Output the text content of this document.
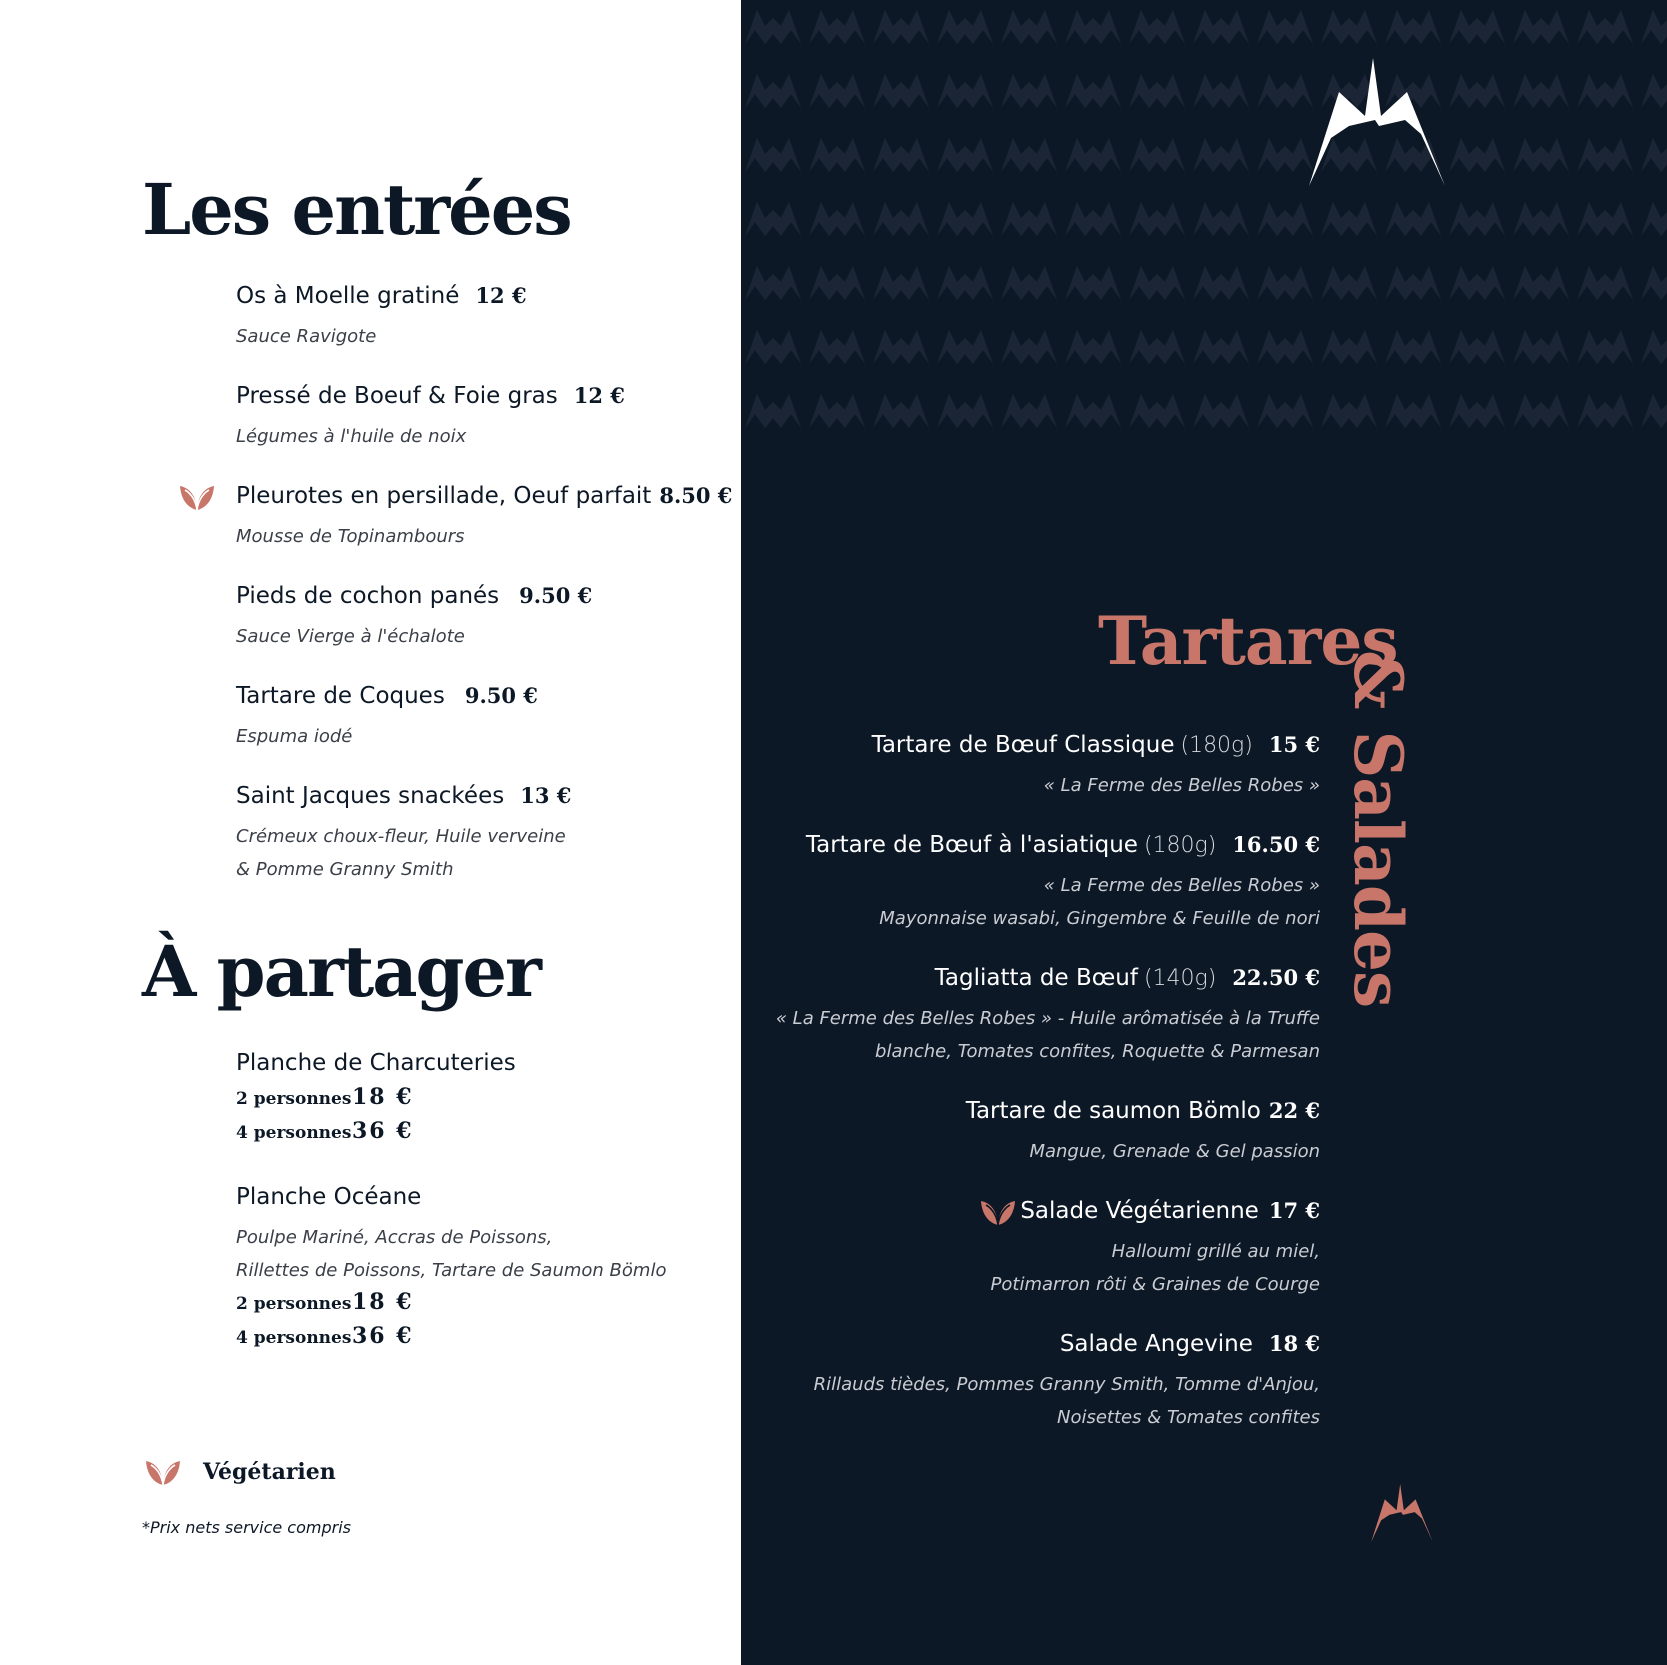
Les entrées
Os à Moelle gratiné 12 €
Sauce Ravigote
Pressé de Boeuf & Foie gras 12 €
Légumes à l'huile de noix
Pleurotes en persillade, Oeuf parfait 8.50 €
Mousse de Topinambours
Pieds de cochon panés 9.50 €
Sauce Vierge à l'échalote
Tartare de Coques 9.50 €
Espuma iodé
Saint Jacques snackées 13 €
Crémeux choux-fleur, Huile verveine
& Pomme Granny Smith
À partager
Planche de Charcuteries
2 personnes 18 €
4 personnes 36 €
Planche Océane
Poulpe Mariné, Accras de Poissons,
Rillettes de Poissons, Tartare de Saumon Bömlo
2 personnes 18 €
4 personnes 36 €
Végétarien
*Prix nets service compris
Tartares
& Salades
Tartare de Bœuf Classique (180g) 15 €
« La Ferme des Belles Robes »
Tartare de Bœuf à l'asiatique (180g) 16.50 €
« La Ferme des Belles Robes »
Mayonnaise wasabi, Gingembre & Feuille de nori
Tagliatta de Bœuf (140g) 22.50 €
« La Ferme des Belles Robes » - Huile arômatisée à la Truffe
blanche, Tomates confites, Roquette & Parmesan
Tartare de saumon Bömlo 22 €
Mangue, Grenade & Gel passion
Salade Végétarienne 17 €
Halloumi grillé au miel,
Potimarron rôti & Graines de Courge
Salade Angevine 18 €
Rillauds tièdes, Pommes Granny Smith, Tomme d'Anjou,
Noisettes & Tomates confites
